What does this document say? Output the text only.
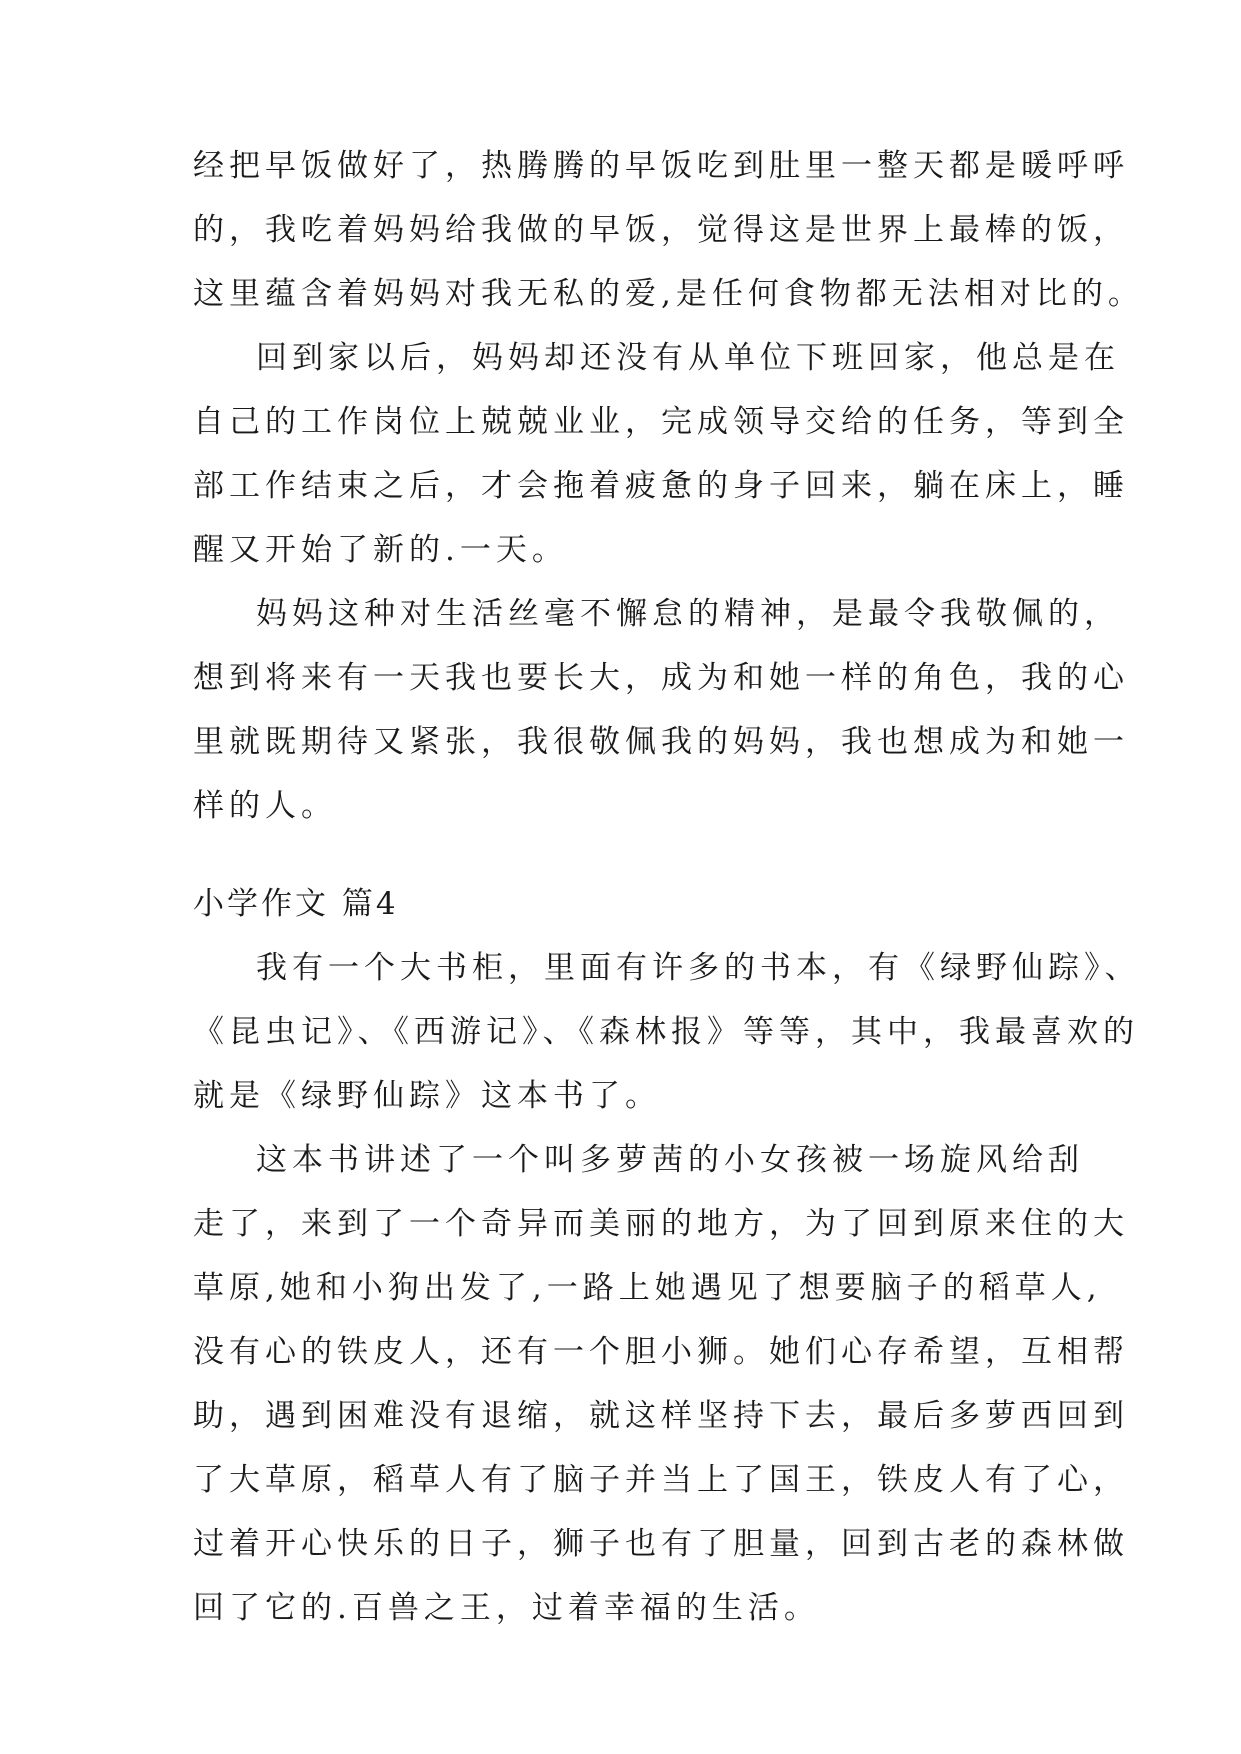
经把早饭做好了，热腾腾的早饭吃到肚里一整天都是暖呼呼
的，我吃着妈妈给我做的早饭，觉得这是世界上最棒的饭，
这里蕴含着妈妈对我无私的爱,是任何食物都无法相对比的。
回到家以后，妈妈却还没有从单位下班回家，他总是在
自己的工作岗位上兢兢业业，完成领导交给的任务，等到全
部工作结束之后，才会拖着疲惫的身子回来，躺在床上，睡
醒又开始了新的.一天。
妈妈这种对生活丝毫不懈怠的精神，是最令我敬佩的，
想到将来有一天我也要长大，成为和她一样的角色，我的心
里就既期待又紧张，我很敬佩我的妈妈，我也想成为和她一
样的人。
小学作文 篇4
我有一个大书柜，里面有许多的书本，有《绿野仙踪》、
《昆虫记》、《西游记》、《森林报》等等，其中，我最喜欢的
就是《绿野仙踪》这本书了。
这本书讲述了一个叫多萝茜的小女孩被一场旋风给刮
走了，来到了一个奇异而美丽的地方，为了回到原来住的大
草原,她和小狗出发了,一路上她遇见了想要脑子的稻草人,
没有心的铁皮人，还有一个胆小狮。她们心存希望，互相帮
助，遇到困难没有退缩，就这样坚持下去，最后多萝西回到
了大草原，稻草人有了脑子并当上了国王，铁皮人有了心，
过着开心快乐的日子，狮子也有了胆量，回到古老的森林做
回了它的.百兽之王，过着幸福的生活。
